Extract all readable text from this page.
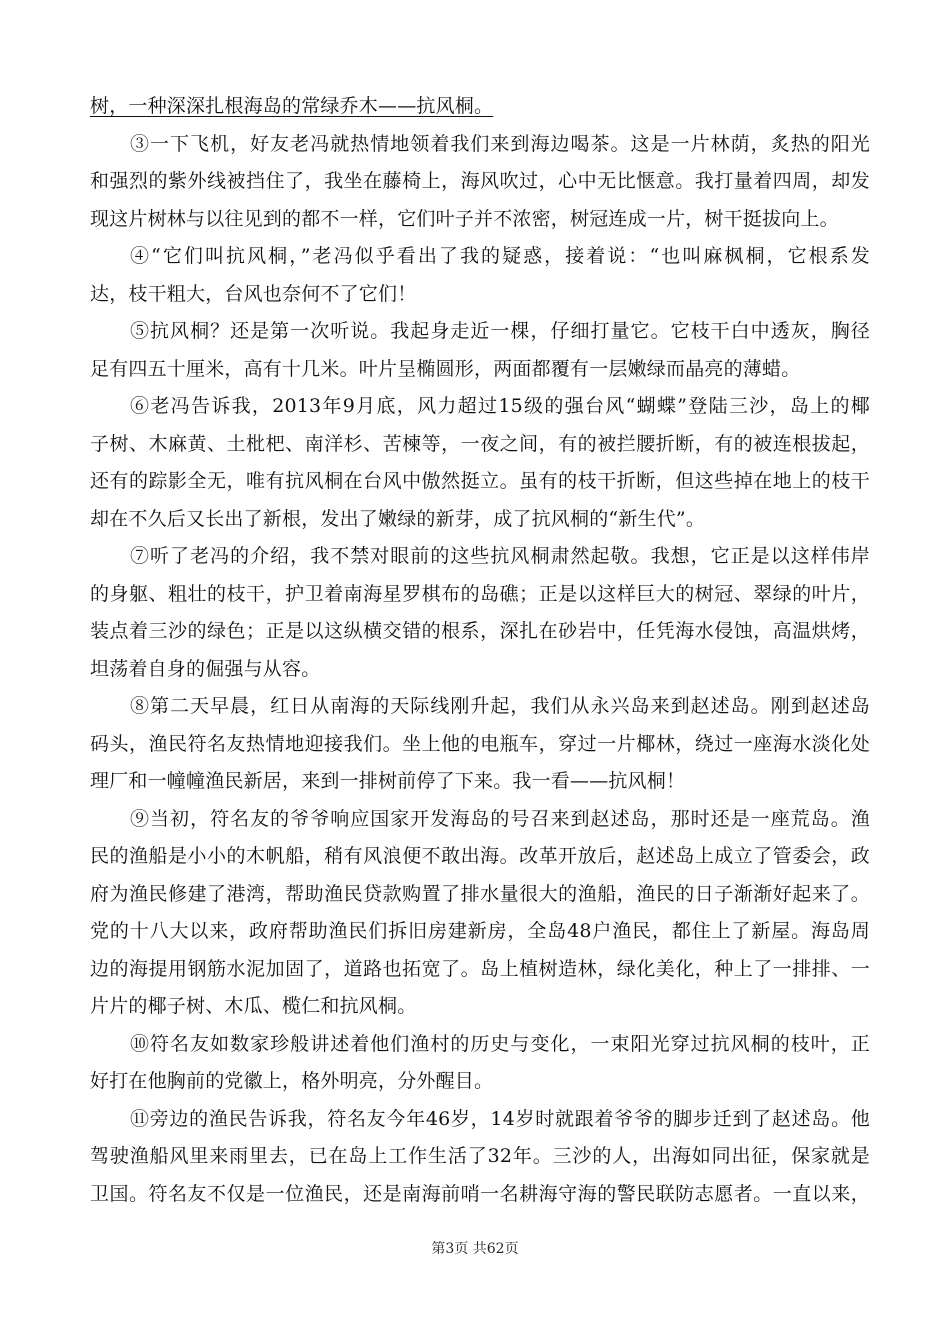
树，一种深深扎根海岛的常绿乔木——抗风桐。

③一下飞机，好友老冯就热情地领着我们来到海边喝茶。这是一片林荫，炙热的阳光

和强烈的紫外线被挡住了，我坐在藤椅上，海风吹过，心中无比惬意。我打量着四周，却发

现这片树林与以往见到的都不一样，它们叶子并不浓密，树冠连成一片，树干挺拔向上。

④“它们叫抗风桐，”老冯似乎看出了我的疑惑，接着说：“也叫麻枫桐，它根系发

达，枝干粗大，台风也奈何不了它们！

⑤抗风桐？还是第一次听说。我起身走近一棵，仔细打量它。它枝干白中透灰，胸径

足有四五十厘米，高有十几米。叶片呈椭圆形，两面都覆有一层嫩绿而晶亮的薄蜡。

⑥老冯告诉我，2013年9月底，风力超过15级的强台风“蝴蝶”登陆三沙，岛上的椰

子树、木麻黄、土枇杷、南洋杉、苦楝等，一夜之间，有的被拦腰折断，有的被连根拔起，

还有的踪影全无，唯有抗风桐在台风中傲然挺立。虽有的枝干折断，但这些掉在地上的枝干

却在不久后又长出了新根，发出了嫩绿的新芽，成了抗风桐的“新生代”。

⑦听了老冯的介绍，我不禁对眼前的这些抗风桐肃然起敬。我想，它正是以这样伟岸

的身躯、粗壮的枝干，护卫着南海星罗棋布的岛礁；正是以这样巨大的树冠、翠绿的叶片，

装点着三沙的绿色；正是以这纵横交错的根系，深扎在砂岩中，任凭海水侵蚀，高温烘烤，

坦荡着自身的倔强与从容。

⑧第二天早晨，红日从南海的天际线刚升起，我们从永兴岛来到赵述岛。刚到赵述岛

码头，渔民符名友热情地迎接我们。坐上他的电瓶车，穿过一片椰林，绕过一座海水淡化处

理厂和一幢幢渔民新居，来到一排树前停了下来。我一看——抗风桐！

⑨当初，符名友的爷爷响应国家开发海岛的号召来到赵述岛，那时还是一座荒岛。渔

民的渔船是小小的木帆船，稍有风浪便不敢出海。改革开放后，赵述岛上成立了管委会，政

府为渔民修建了港湾，帮助渔民贷款购置了排水量很大的渔船，渔民的日子渐渐好起来了。

党的十八大以来，政府帮助渔民们拆旧房建新房，全岛48户渔民，都住上了新屋。海岛周

边的海提用钢筋水泥加固了，道路也拓宽了。岛上植树造林，绿化美化，种上了一排排、一

片片的椰子树、木瓜、榄仁和抗风桐。

⑩符名友如数家珍般讲述着他们渔村的历史与变化，一束阳光穿过抗风桐的枝叶，正

好打在他胸前的党徽上，格外明亮，分外醒目。

⑪旁边的渔民告诉我，符名友今年46岁，14岁时就跟着爷爷的脚步迁到了赵述岛。他

驾驶渔船风里来雨里去，已在岛上工作生活了32年。三沙的人，出海如同出征，保家就是

卫国。符名友不仅是一位渔民，还是南海前哨一名耕海守海的警民联防志愿者。一直以来，

第3页 共62页
